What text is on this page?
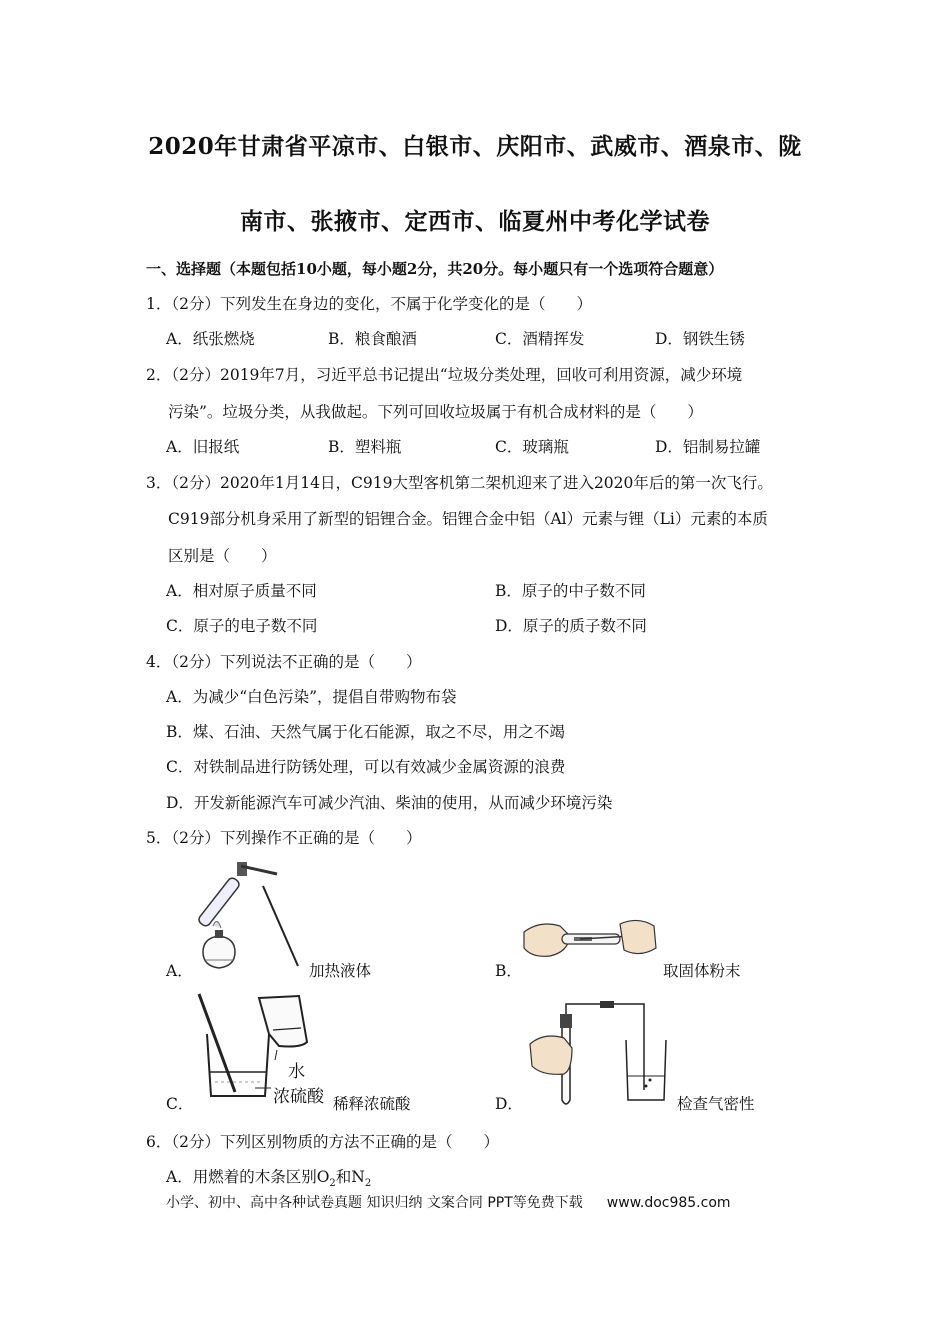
2020年甘肃省平凉市、白银市、庆阳市、武威市、酒泉市、陇
南市、张掖市、定西市、临夏州中考化学试卷
一、选择题（本题包括10小题，每小题2分，共20分。每小题只有一个选项符合题意）
1．（2分）下列发生在身边的变化，不属于化学变化的是（　　）
A．纸张燃烧	B．粮食酿酒	C．酒精挥发	D．钢铁生锈
2．（2分）2019年7月，习近平总书记提出“垃圾分类处理，回收可利用资源，减少环境
污染”。垃圾分类，从我做起。下列可回收垃圾属于有机合成材料的是（　　）
A．旧报纸	B．塑料瓶	C．玻璃瓶	D．铝制易拉罐
3．（2分）2020年1月14日，C919大型客机第二架机迎来了进入2020年后的第一次飞行。
C919部分机身采用了新型的铝锂合金。铝锂合金中铝（Al）元素与锂（Li）元素的本质
区别是（　　）
A．相对原子质量不同	B．原子的中子数不同
C．原子的电子数不同	D．原子的质子数不同
4．（2分）下列说法不正确的是（　　）
A．为减少“白色污染”，提倡自带购物布袋
B．煤、石油、天然气属于化石能源，取之不尽，用之不竭
C．对铁制品进行防锈处理，可以有效减少金属资源的浪费
D．开发新能源汽车可减少汽油、柴油的使用，从而减少环境污染
5．（2分）下列操作不正确的是（　　）
A．	加热液体	B．	取固体粉末
水
浓硫酸
C．	稀释浓硫酸	D．	检查气密性
6．（2分）下列区别物质的方法不正确的是（　　）
A．用燃着的木条区别$O_2$和$N_2$
小学、初中、高中各种试卷真题 知识归纳 文案合同 PPT等免费下载 www.doc985.com
